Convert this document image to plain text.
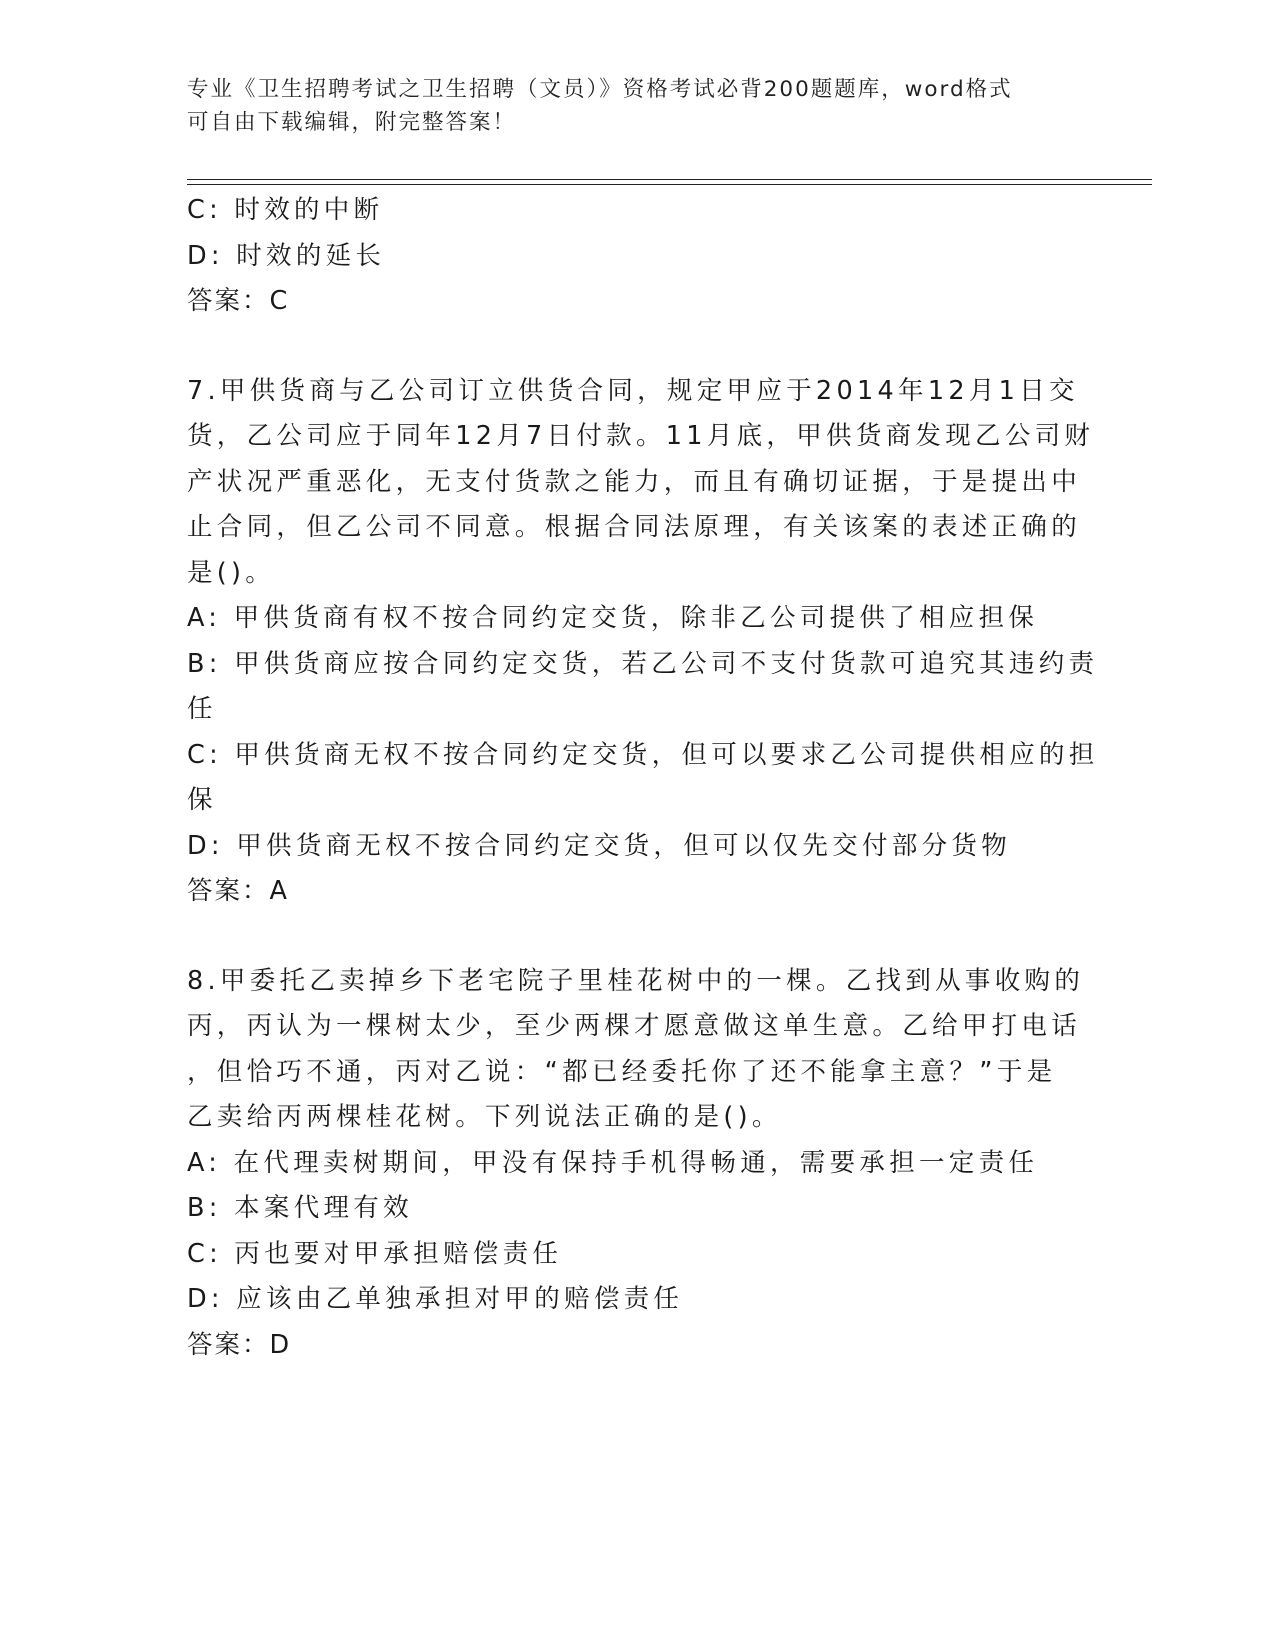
专业《卫生招聘考试之卫生招聘（文员）》资格考试必背200题题库，word格式
可自由下载编辑，附完整答案！
C: 时效的中断
D: 时效的延长
答案：C
7.甲供货商与乙公司订立供货合同，规定甲应于2014年12月1日交
货，乙公司应于同年12月7日付款。11月底，甲供货商发现乙公司财
产状况严重恶化，无支付货款之能力，而且有确切证据，于是提出中
止合同，但乙公司不同意。根据合同法原理，有关该案的表述正确的
是()。
A: 甲供货商有权不按合同约定交货，除非乙公司提供了相应担保
B: 甲供货商应按合同约定交货，若乙公司不支付货款可追究其违约责
任
C: 甲供货商无权不按合同约定交货，但可以要求乙公司提供相应的担
保
D: 甲供货商无权不按合同约定交货，但可以仅先交付部分货物
答案：A
8.甲委托乙卖掉乡下老宅院子里桂花树中的一棵。乙找到从事收购的
丙，丙认为一棵树太少，至少两棵才愿意做这单生意。乙给甲打电话
，但恰巧不通，丙对乙说：“都已经委托你了还不能拿主意？”于是
乙卖给丙两棵桂花树。下列说法正确的是()。
A: 在代理卖树期间，甲没有保持手机得畅通，需要承担一定责任
B: 本案代理有效
C: 丙也要对甲承担赔偿责任
D: 应该由乙单独承担对甲的赔偿责任
答案：D
